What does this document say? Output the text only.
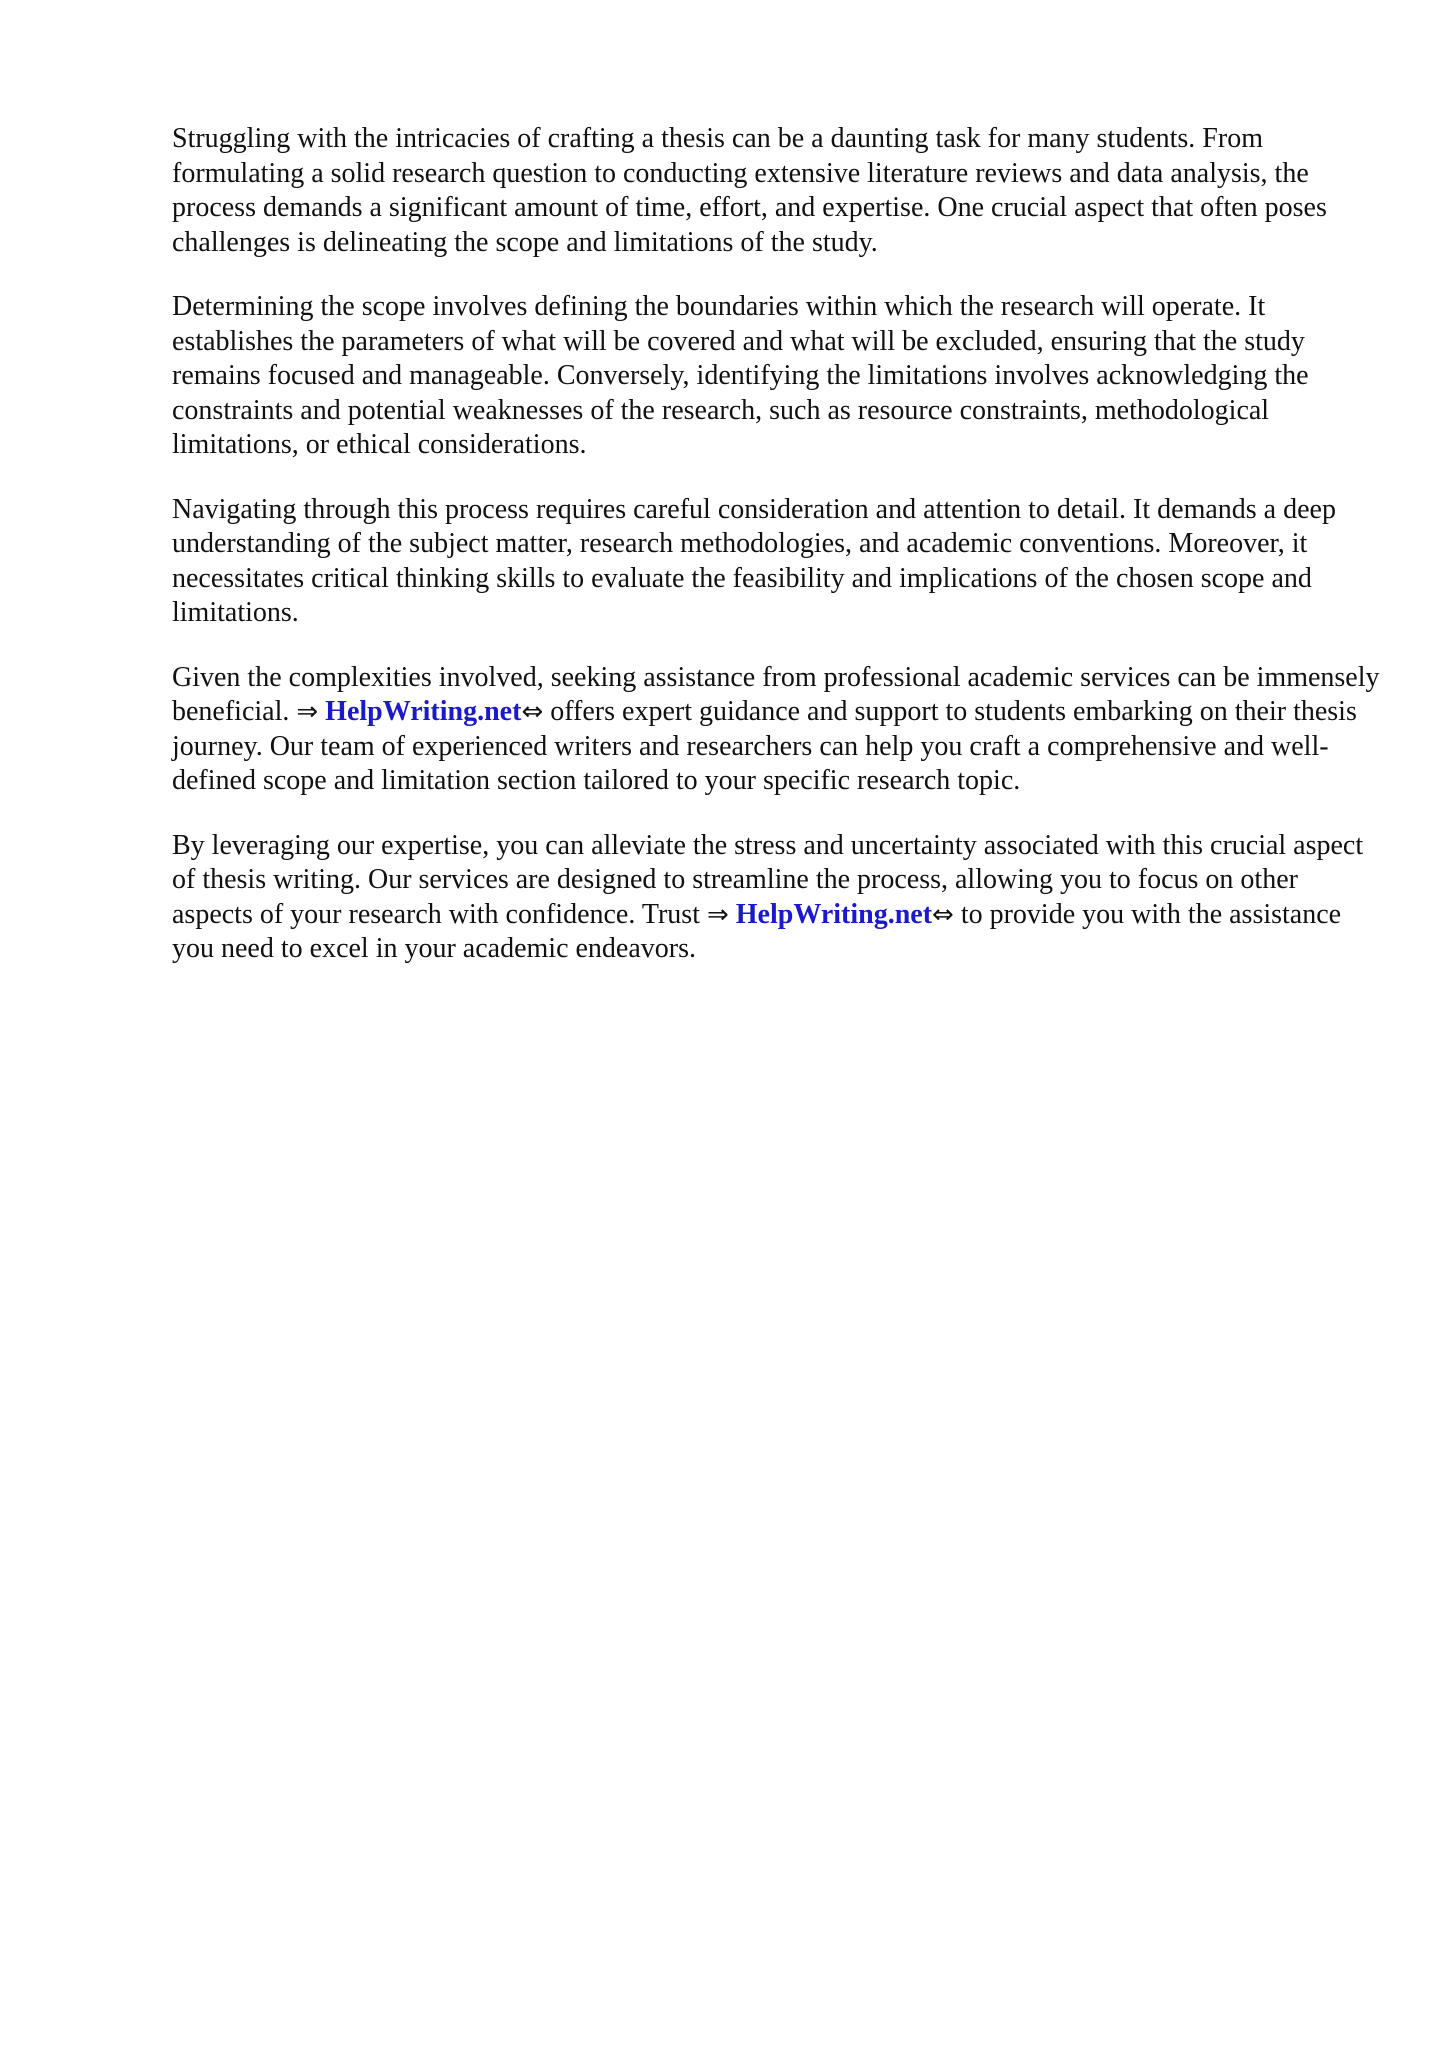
Struggling with the intricacies of crafting a thesis can be a daunting task for many students. From formulating a solid research question to conducting extensive literature reviews and data analysis, the process demands a significant amount of time, effort, and expertise. One crucial aspect that often poses challenges is delineating the scope and limitations of the study.

Determining the scope involves defining the boundaries within which the research will operate. It establishes the parameters of what will be covered and what will be excluded, ensuring that the study remains focused and manageable. Conversely, identifying the limitations involves acknowledging the constraints and potential weaknesses of the research, such as resource constraints, methodological limitations, or ethical considerations.

Navigating through this process requires careful consideration and attention to detail. It demands a deep understanding of the subject matter, research methodologies, and academic conventions. Moreover, it necessitates critical thinking skills to evaluate the feasibility and implications of the chosen scope and limitations.

Given the complexities involved, seeking assistance from professional academic services can be immensely beneficial. ⇒ HelpWriting.net⇔ offers expert guidance and support to students embarking on their thesis journey. Our team of experienced writers and researchers can help you craft a comprehensive and well-defined scope and limitation section tailored to your specific research topic.

By leveraging our expertise, you can alleviate the stress and uncertainty associated with this crucial aspect of thesis writing. Our services are designed to streamline the process, allowing you to focus on other aspects of your research with confidence. Trust ⇒ HelpWriting.net⇔ to provide you with the assistance you need to excel in your academic endeavors.
